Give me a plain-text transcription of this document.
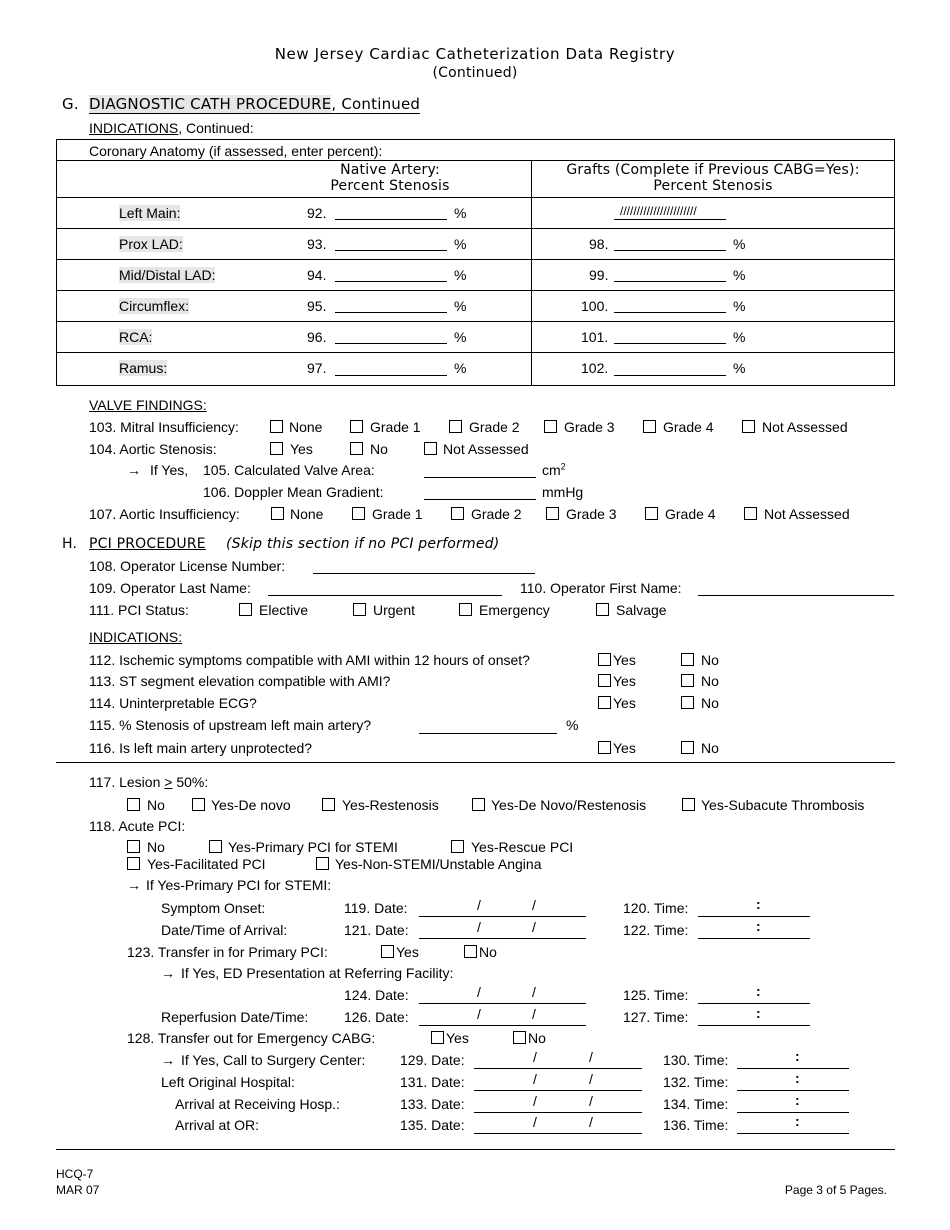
New Jersey Cardiac Catheterization Data Registry
(Continued)
G. DIAGNOSTIC CATH PROCEDURE, Continued
INDICATIONS, Continued:
Coronary Anatomy (if assessed, enter percent):
Native Artery:
Percent Stenosis
Grafts (Complete if Previous CABG=Yes):
Percent Stenosis
Left Main:	92.	%	///////////////////////
Prox LAD:	93.	%	98.	%
Mid/Distal LAD:	94.	%	99.	%
Circumflex:	95.	%	100.	%
RCA:	96.	%	101.	%
Ramus:	97.	%	102.	%
VALVE FINDINGS:
103. Mitral Insufficiency:	None	Grade 1	Grade 2	Grade 3	Grade 4	Not Assessed
104. Aortic Stenosis:	Yes	No	Not Assessed
→ If Yes, 105. Calculated Valve Area:	$cm^2$
106. Doppler Mean Gradient:	mmHg
107. Aortic Insufficiency:	None	Grade 1	Grade 2	Grade 3	Grade 4	Not Assessed
H. PCI PROCEDURE (Skip this section if no PCI performed)
108. Operator License Number:
109. Operator Last Name:	110. Operator First Name:
111. PCI Status:	Elective	Urgent	Emergency	Salvage
INDICATIONS:
112. Ischemic symptoms compatible with AMI within 12 hours of onset?	Yes	No
113. ST segment elevation compatible with AMI?	Yes	No
114. Uninterpretable ECG?	Yes	No
115. % Stenosis of upstream left main artery?	%
116. Is left main artery unprotected?	Yes	No
117. Lesion > 50%:
No	Yes-De novo	Yes-Restenosis	Yes-De Novo/Restenosis	Yes-Subacute Thrombosis
118. Acute PCI:
No	Yes-Primary PCI for STEMI	Yes-Rescue PCI
Yes-Facilitated PCI	Yes-Non-STEMI/Unstable Angina
→ If Yes-Primary PCI for STEMI:
Symptom Onset:	119. Date:	/	/	120. Time:	:
Date/Time of Arrival:	121. Date:	/	/	122. Time:	:
123. Transfer in for Primary PCI:	Yes	No
→ If Yes, ED Presentation at Referring Facility:
124. Date:	/	/	125. Time:	:
Reperfusion Date/Time:	126. Date:	/	/	127. Time:	:
128. Transfer out for Emergency CABG:	Yes	No
→ If Yes, Call to Surgery Center: 129. Date:	/	/	130. Time:	:
Left Original Hospital:	131. Date:	/	/	132. Time:	:
Arrival at Receiving Hosp.:	133. Date:	/	/	134. Time:	:
Arrival at OR:	135. Date:	/	/	136. Time:	:
HCQ-7
MAR 07	Page 3 of 5 Pages.
